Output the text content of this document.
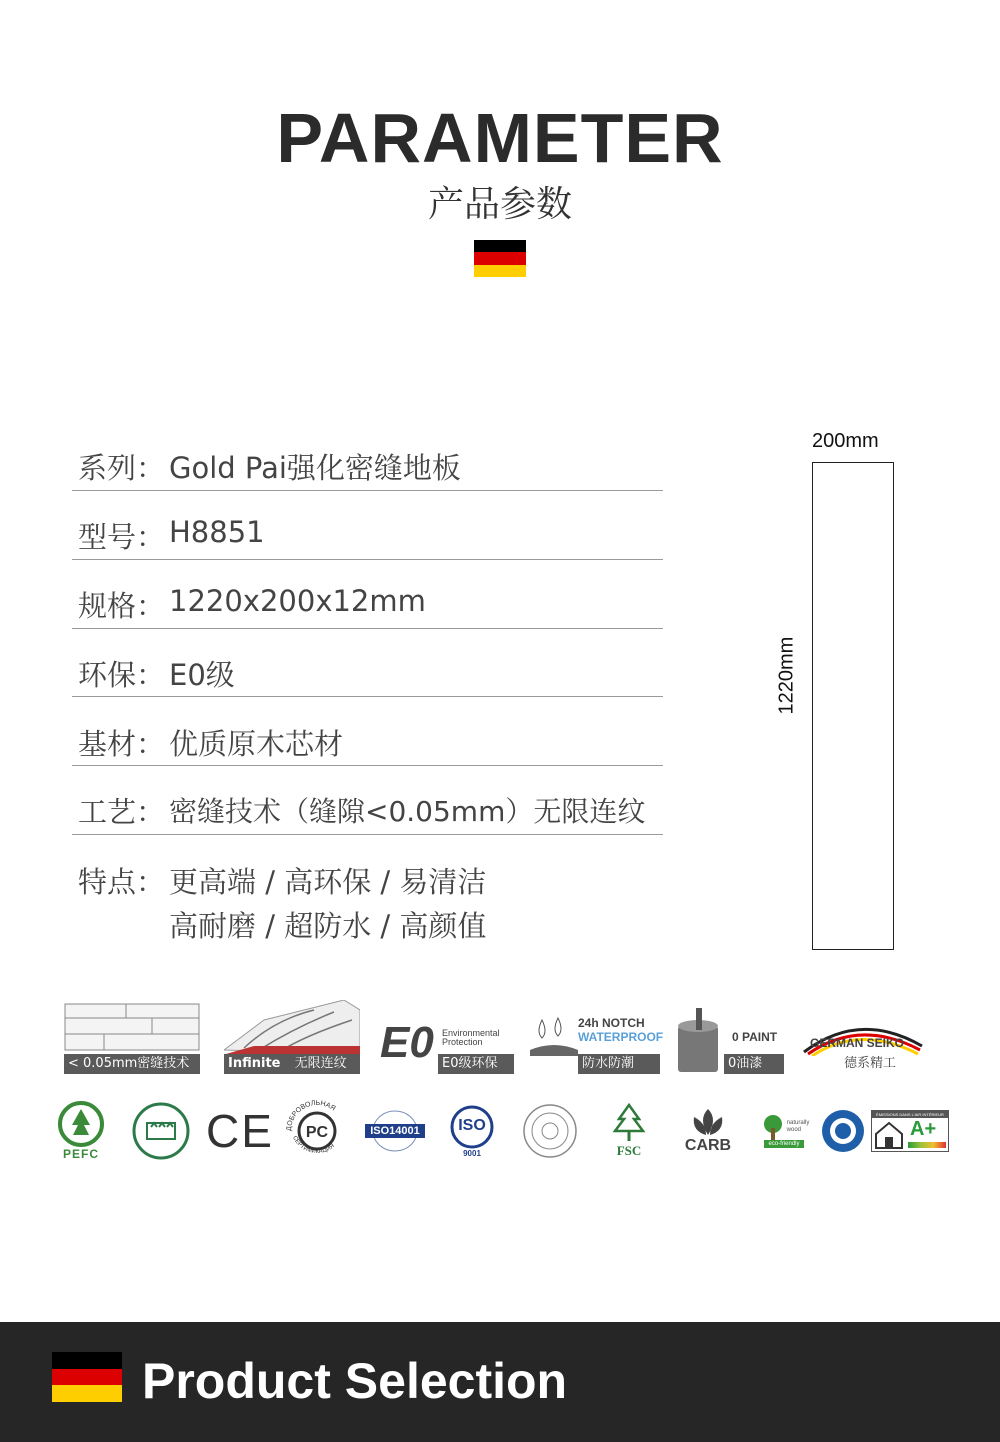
PARAMETER
产品参数
系列： Gold Pai强化密缝地板
型号： H8851
规格： 1220x200x12mm
环保： E0级
基材： 优质原木芯材
工艺： 密缝技术（缝隙<0.05mm）无限连纹
特点： 更高端 / 高环保 / 易清洁
高耐磨 / 超防水 / 高颜值
200mm
1220mm
< 0.05mm密缝技术	Infinite 无限连纹 E0 Environmental
Protection
E0级环保
24h NOTCH
WATERPROOF
防水防潮
0 PAINT
0油漆
GERMAN SEIKO
德系精工
PEFC CE ДОБРОВОЛЬНАЯ
СЕРТИФИКАЦИЯ
PC	ISO14001	ISO
9001	FSC	CARB
naturally
wood
eco-friendly
ÉMISSIONS DANS L'AIR INTÉRIEUR
A+
Product Selection
